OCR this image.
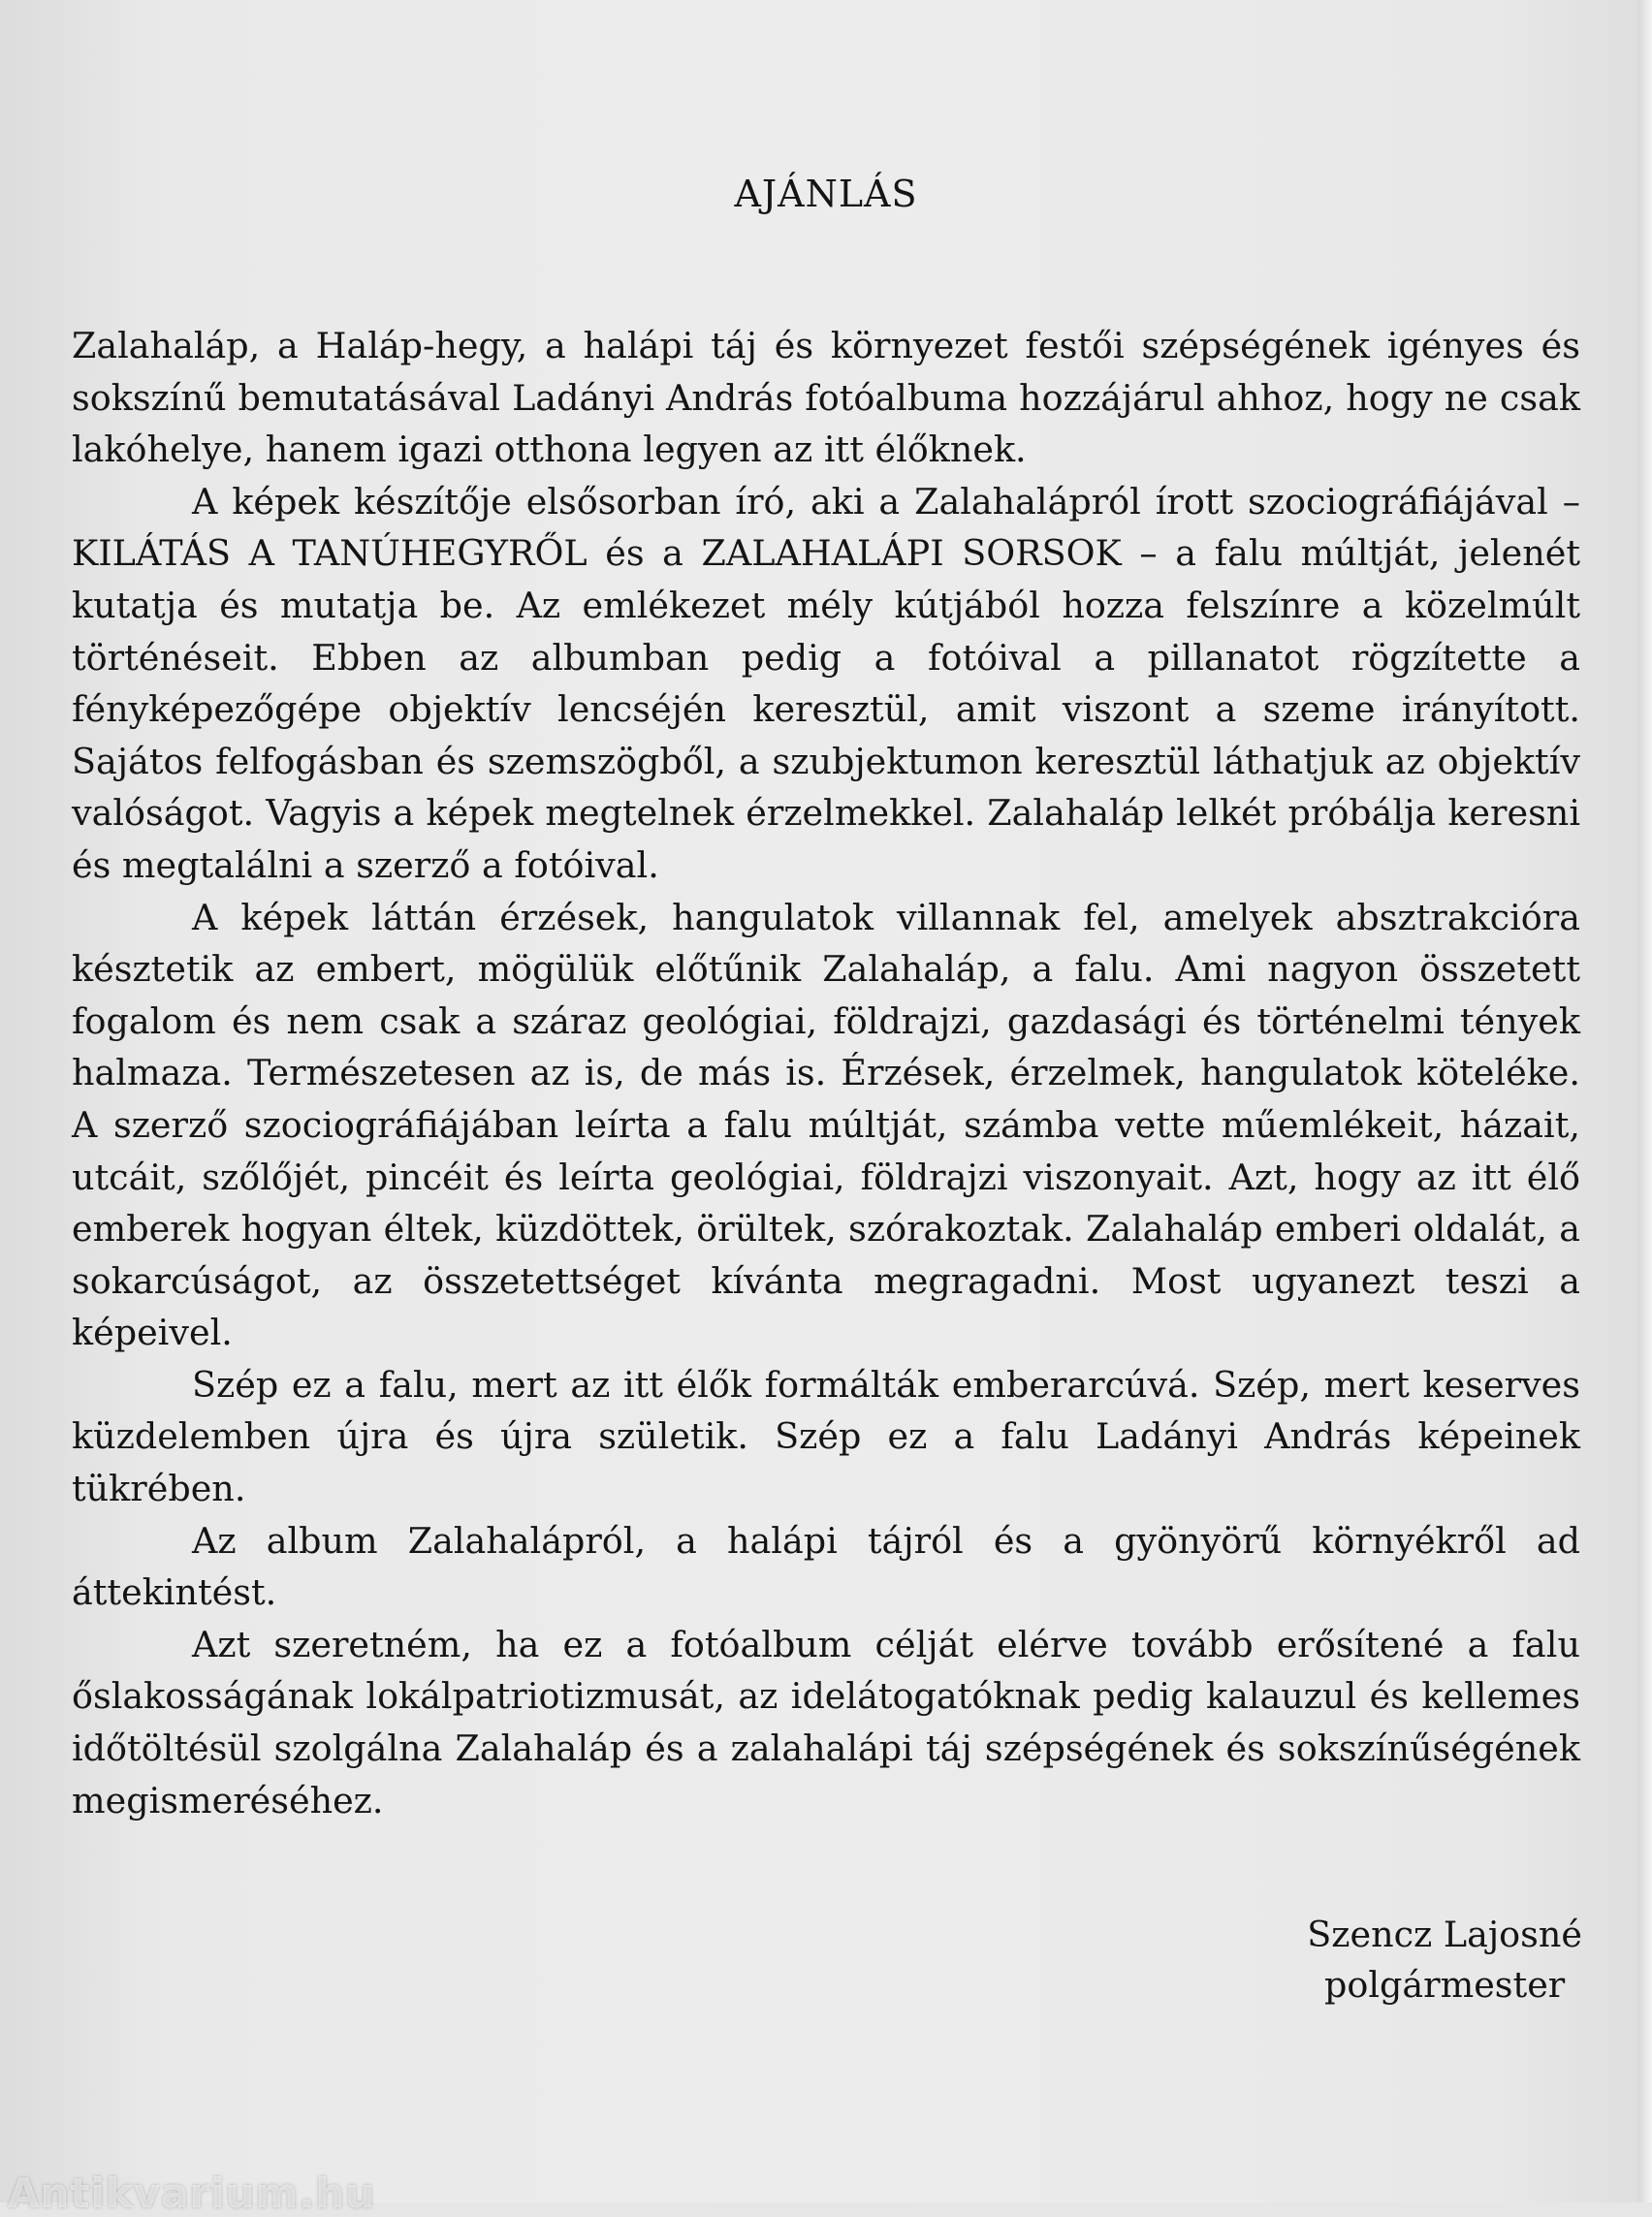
AJÁNLÁS

Zalahaláp, a Haláp-hegy, a halápi táj és környezet festői szépségének igényes és sokszínű bemutatásával Ladányi András fotóalbuma hozzájárul ahhoz, hogy ne csak lakóhelye, hanem igazi otthona legyen az itt élőknek.

A képek készítője elsősorban író, aki a Zalahalápról írott szociográfiájával – KILÁTÁS A TANÚHEGYRŐL és a ZALAHALÁPI SORSOK – a falu múltját, jelenét kutatja és mutatja be. Az emlékezet mély kútjából hozza felszínre a közelmúlt történéseit. Ebben az albumban pedig a fotóival a pillanatot rögzítette a fényképezőgépe objektív lencséjén keresztül, amit viszont a szeme irányított. Sajátos felfogásban és szemszögből, a szubjektumon keresztül láthatjuk az objektív valóságot. Vagyis a képek megtelnek érzelmekkel. Zalahaláp lelkét próbálja keresni és megtalálni a szerző a fotóival.

A képek láttán érzések, hangulatok villannak fel, amelyek absztrakcióra késztetik az embert, mögülük előtűnik Zalahaláp, a falu. Ami nagyon összetett fogalom és nem csak a száraz geológiai, földrajzi, gazdasági és történelmi tények halmaza. Természetesen az is, de más is. Érzések, érzelmek, hangulatok köteléke. A szerző szociográfiájában leírta a falu múltját, számba vette műemlékeit, házait, utcáit, szőlőjét, pincéit és leírta geológiai, földrajzi viszonyait. Azt, hogy az itt élő emberek hogyan éltek, küzdöttek, örültek, szórakoztak. Zalahaláp emberi oldalát, a sokarcúságot, az összetettséget kívánta megragadni. Most ugyanezt teszi a képeivel.

Szép ez a falu, mert az itt élők formálták emberarcúvá. Szép, mert keserves küzdelemben újra és újra születik. Szép ez a falu Ladányi András képeinek tükrében.

Az album Zalahalápról, a halápi tájról és a gyönyörű környékről ad áttekintést.

Azt szeretném, ha ez a fotóalbum célját elérve tovább erősítené a falu őslakosságának lokálpatriotizmusát, az idelátogatóknak pedig kalauzul és kellemes időtöltésül szolgálna Zalahaláp és a zalahalápi táj szépségének és sokszínűségének megismeréséhez.

Szencz Lajosné
polgármester
Antikvarium.hu
